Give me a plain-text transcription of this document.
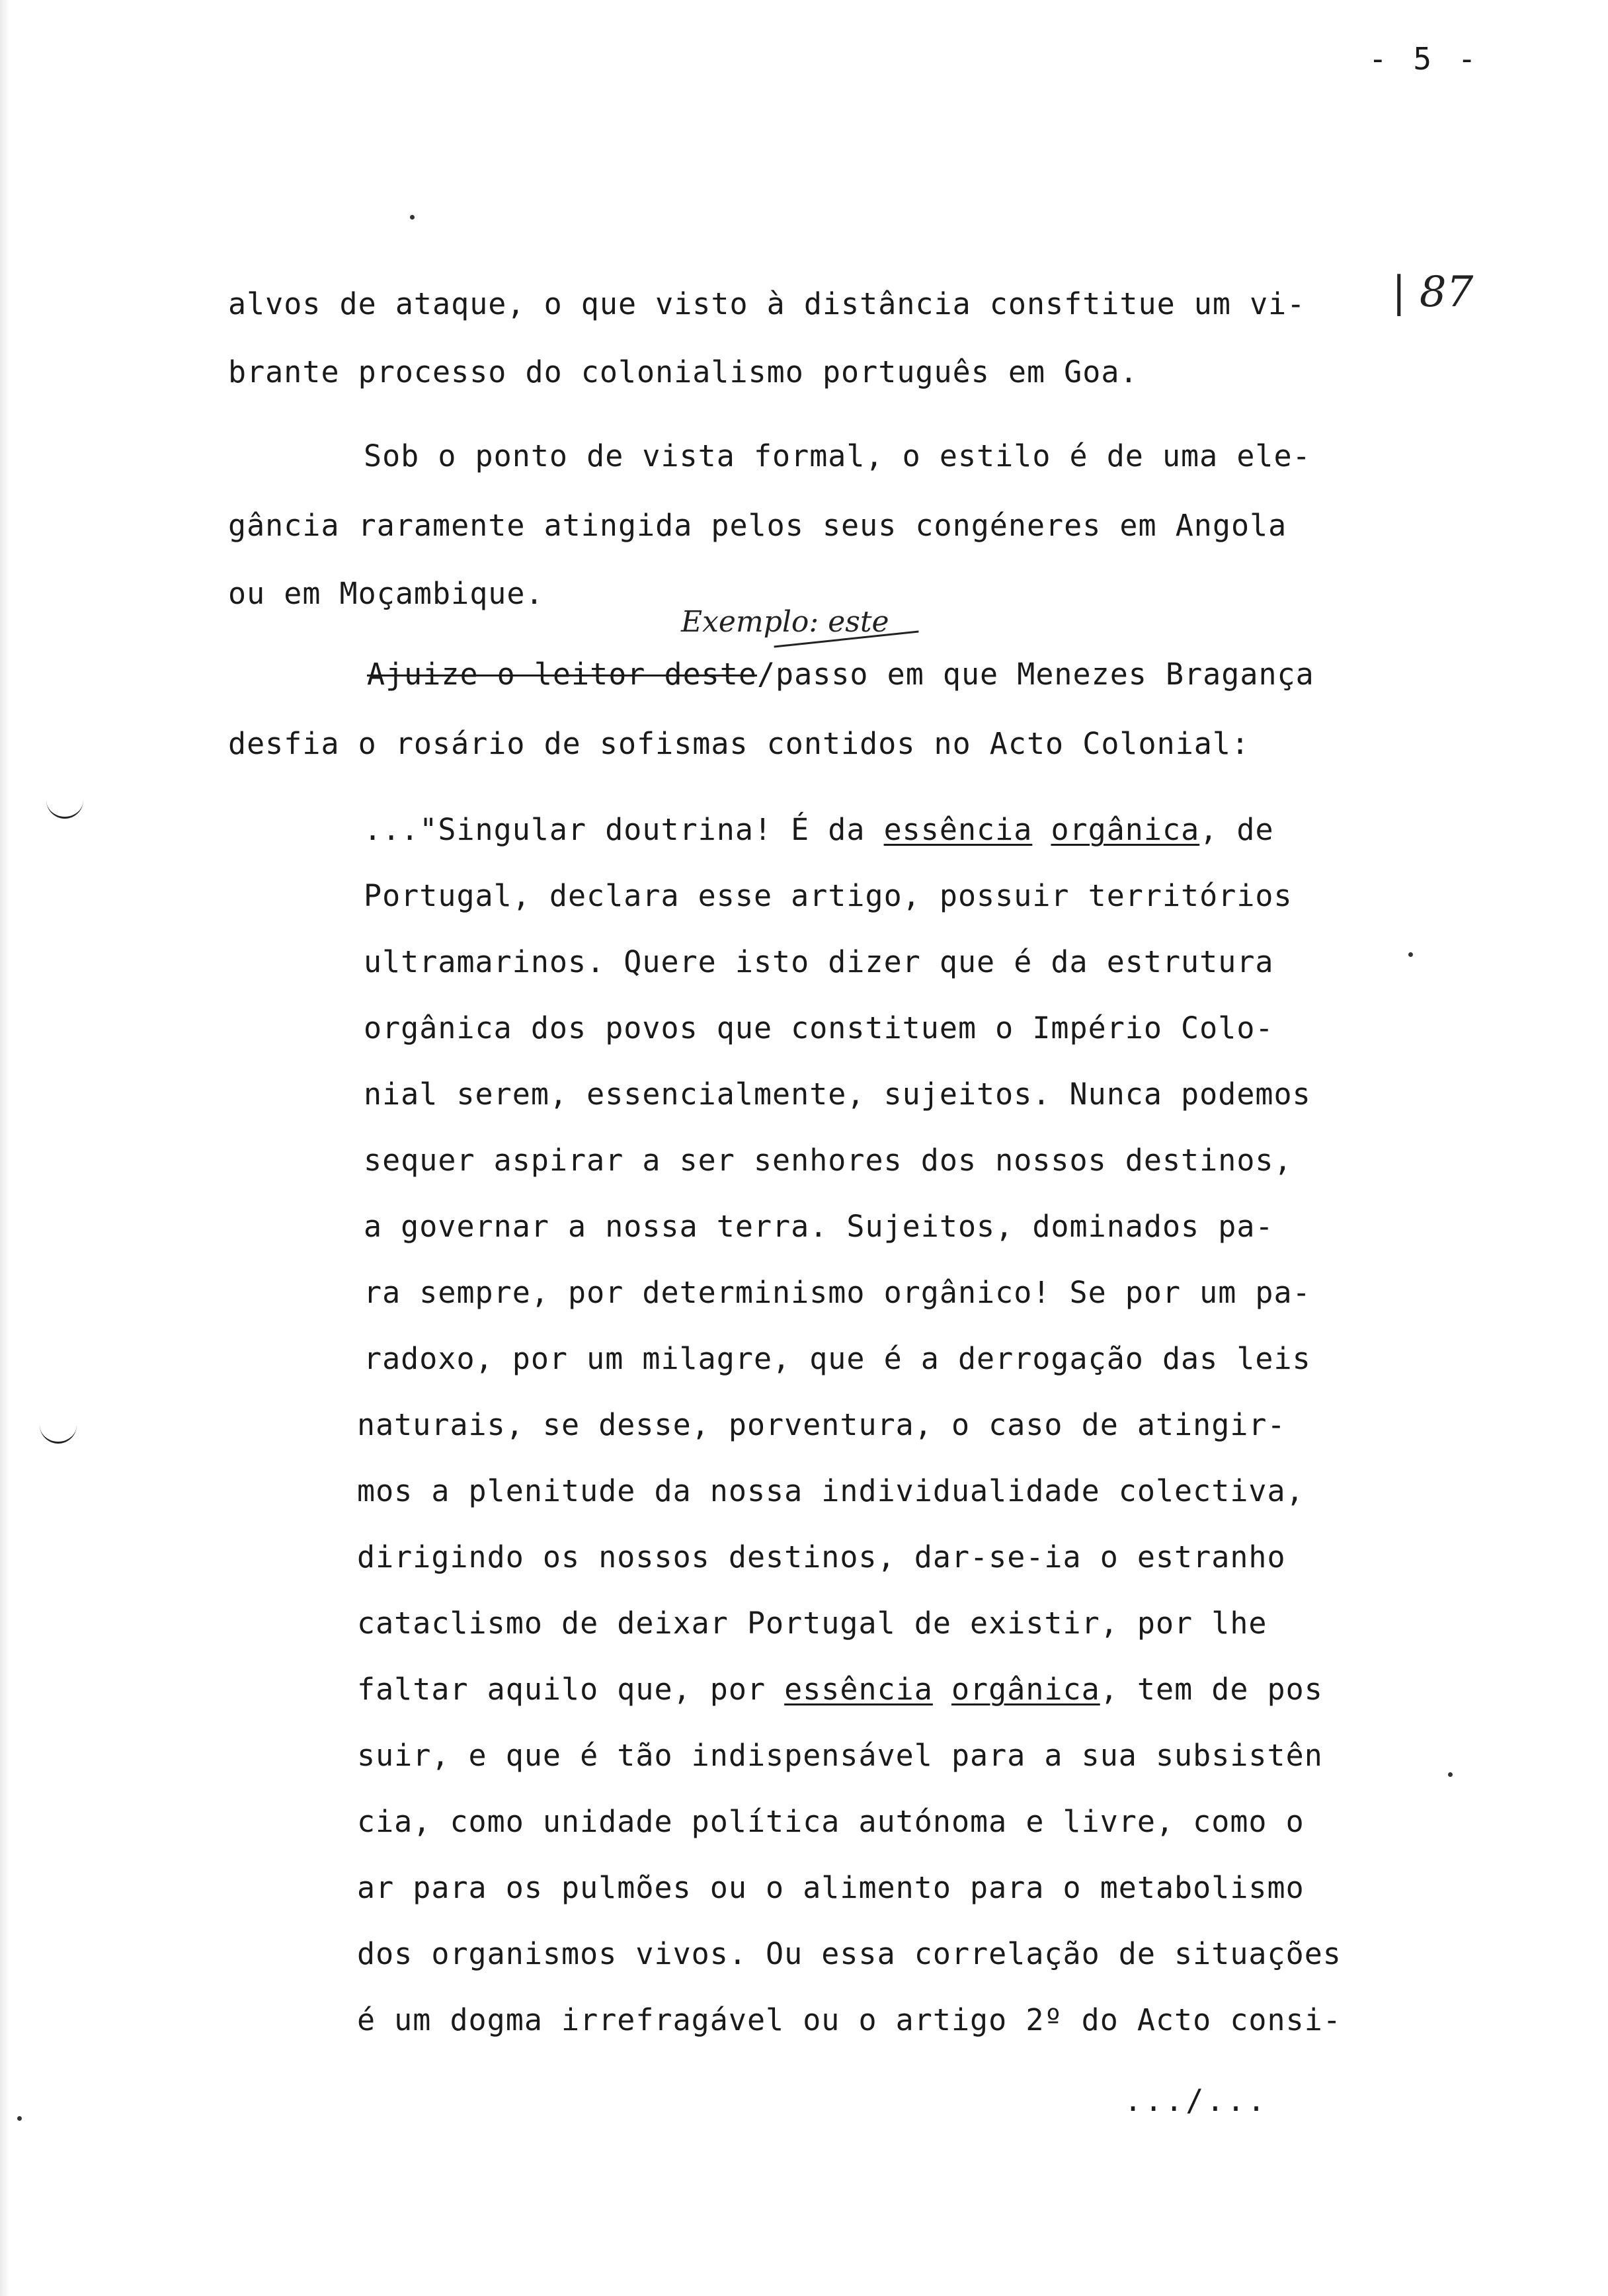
- 5 -
| 87
Exemplo: este
alvos de ataque, o que visto à distância consftitue um vi-
brante processo do colonialismo português em Goa.
Sob o ponto de vista formal, o estilo é de uma ele-
gância raramente atingida pelos seus congéneres em Angola
ou em Moçambique.
Ajuize o leitor deste/passo em que Menezes Bragança
desfia o rosário de sofismas contidos no Acto Colonial:
..."Singular doutrina! É da essência orgânica, de
Portugal, declara esse artigo, possuir territórios
ultramarinos. Quere isto dizer que é da estrutura
orgânica dos povos que constituem o Império Colo-
nial serem, essencialmente, sujeitos. Nunca podemos
sequer aspirar a ser senhores dos nossos destinos,
a governar a nossa terra. Sujeitos, dominados pa-
ra sempre, por determinismo orgânico! Se por um pa-
radoxo, por um milagre, que é a derrogação das leis
naturais, se desse, porventura, o caso de atingir-
mos a plenitude da nossa individualidade colectiva,
dirigindo os nossos destinos, dar-se-ia o estranho
cataclismo de deixar Portugal de existir, por lhe
faltar aquilo que, por essência orgânica, tem de pos
suir, e que é tão indispensável para a sua subsistên
cia, como unidade política autónoma e livre, como o
ar para os pulmões ou o alimento para o metabolismo
dos organismos vivos. Ou essa correlação de situações
é um dogma irrefragável ou o artigo 2º do Acto consi-
.../...
